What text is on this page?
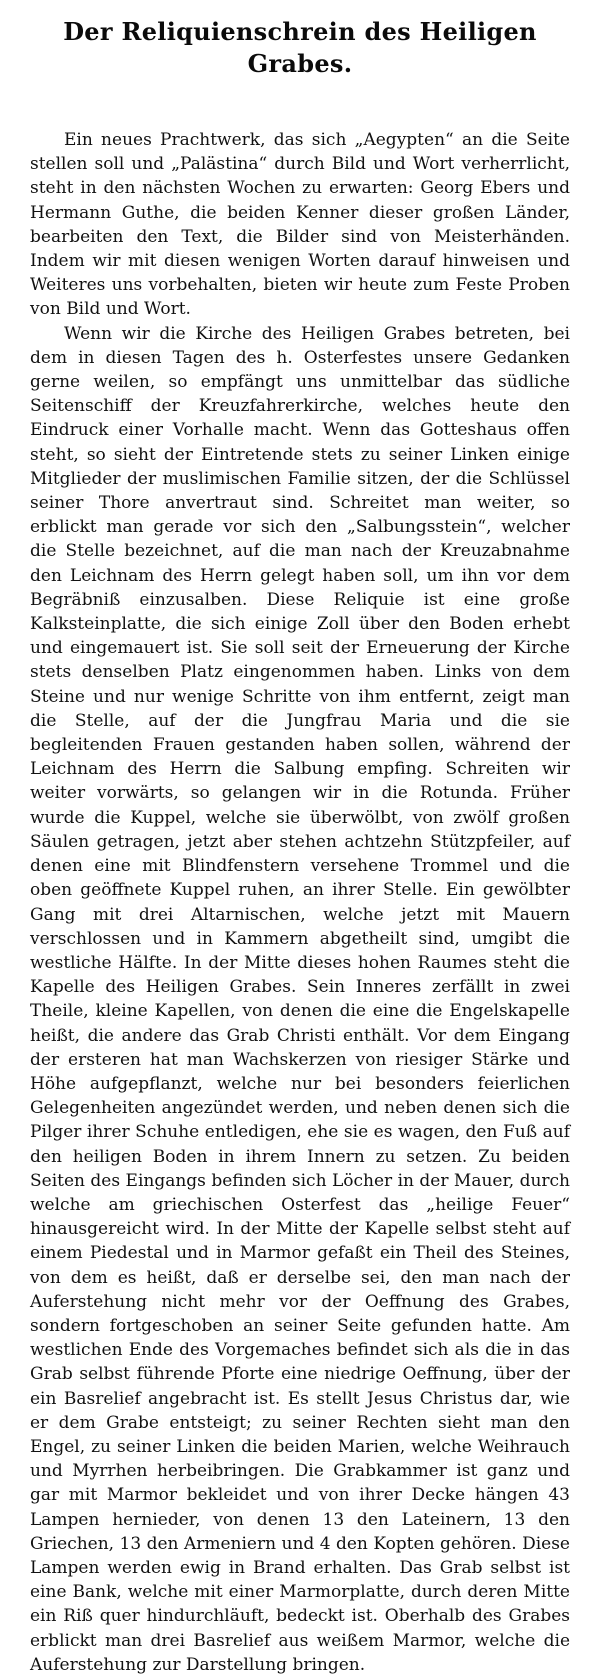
Der Reliquienschrein des Heiligen Grabes.

Ein neues Prachtwerk, das sich „Aegypten“ an die Seite stellen soll und „Palästina“ durch Bild und Wort verherrlicht, steht in den nächsten Wochen zu erwarten: Georg Ebers und Hermann Guthe, die beiden Kenner dieser großen Länder, bearbeiten den Text, die Bilder sind von Meisterhänden. Indem wir mit diesen wenigen Worten darauf hinweisen und Weiteres uns vorbehalten, bieten wir heute zum Feste Proben von Bild und Wort.

Wenn wir die Kirche des Heiligen Grabes betreten, bei dem in diesen Tagen des h. Osterfestes unsere Gedanken gerne weilen, so empfängt uns unmittelbar das südliche Seitenschiff der Kreuzfahrerkirche, welches heute den Eindruck einer Vorhalle macht. Wenn das Gotteshaus offen steht, so sieht der Eintretende stets zu seiner Linken einige Mitglieder der muslimischen Familie sitzen, der die Schlüssel seiner Thore anvertraut sind. Schreitet man weiter, so erblickt man gerade vor sich den „Salbungsstein“, welcher die Stelle bezeichnet, auf die man nach der Kreuzabnahme den Leichnam des Herrn gelegt haben soll, um ihn vor dem Begräbniß einzusalben. Diese Reliquie ist eine große Kalksteinplatte, die sich einige Zoll über den Boden erhebt und eingemauert ist. Sie soll seit der Erneuerung der Kirche stets denselben Platz eingenommen haben. Links von dem Steine und nur wenige Schritte von ihm entfernt, zeigt man die Stelle, auf der die Jungfrau Maria und die sie begleitenden Frauen gestanden haben sollen, während der Leichnam des Herrn die Salbung empfing. Schreiten wir weiter vorwärts, so gelangen wir in die Rotunda. Früher wurde die Kuppel, welche sie überwölbt, von zwölf großen Säulen getragen, jetzt aber stehen achtzehn Stützpfeiler, auf denen eine mit Blindfenstern versehene Trommel und die oben geöffnete Kuppel ruhen, an ihrer Stelle. Ein gewölbter Gang mit drei Altarnischen, welche jetzt mit Mauern verschlossen und in Kammern abgetheilt sind, umgibt die westliche Hälfte. In der Mitte dieses hohen Raumes steht die Kapelle des Heiligen Grabes. Sein Inneres zerfällt in zwei Theile, kleine Kapellen, von denen die eine die Engelskapelle heißt, die andere das Grab Christi enthält. Vor dem Eingang der ersteren hat man Wachskerzen von riesiger Stärke und Höhe aufgepflanzt, welche nur bei besonders feierlichen Gelegenheiten angezündet werden, und neben denen sich die Pilger ihrer Schuhe entledigen, ehe sie es wagen, den Fuß auf den heiligen Boden in ihrem Innern zu setzen. Zu beiden Seiten des Eingangs befinden sich Löcher in der Mauer, durch welche am griechischen Osterfest das „heilige Feuer“ hinausgereicht wird. In der Mitte der Kapelle selbst steht auf einem Piedestal und in Marmor gefaßt ein Theil des Steines, von dem es heißt, daß er derselbe sei, den man nach der Auferstehung nicht mehr vor der Oeffnung des Grabes, sondern fortgeschoben an seiner Seite gefunden hatte. Am westlichen Ende des Vorgemaches befindet sich als die in das Grab selbst führende Pforte eine niedrige Oeffnung, über der ein Basrelief angebracht ist. Es stellt Jesus Christus dar, wie er dem Grabe entsteigt; zu seiner Rechten sieht man den Engel, zu seiner Linken die beiden Marien, welche Weihrauch und Myrrhen herbeibringen. Die Grabkammer ist ganz und gar mit Marmor bekleidet und von ihrer Decke hängen 43 Lampen hernieder, von denen 13 den Lateinern, 13 den Griechen, 13 den Armeniern und 4 den Kopten gehören. Diese Lampen werden ewig in Brand erhalten. Das Grab selbst ist eine Bank, welche mit einer Marmorplatte, durch deren Mitte ein Riß quer hindurchläuft, bedeckt ist. Oberhalb des Grabes erblickt man drei Basrelief aus weißem Marmor, welche die Auferstehung zur Darstellung bringen.
